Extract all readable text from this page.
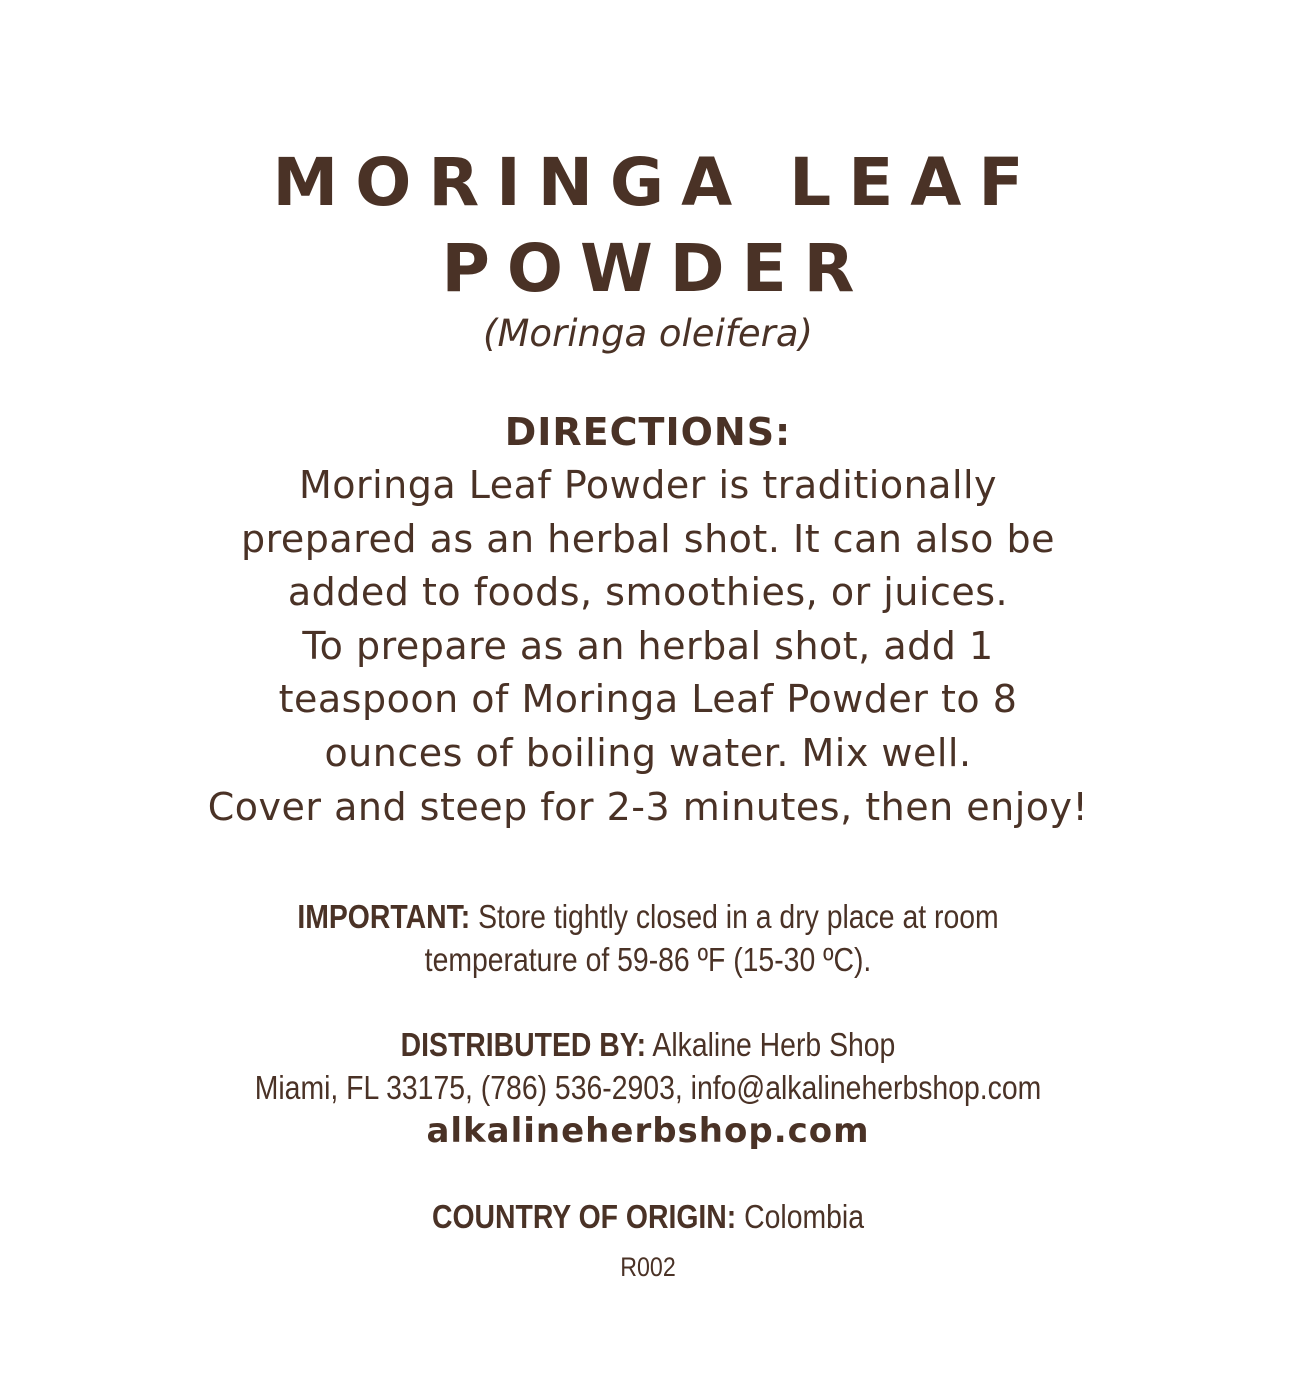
MORINGA LEAF
POWDER
(Moringa oleifera)
DIRECTIONS:
Moringa Leaf Powder is traditionally
prepared as an herbal shot. It can also be
added to foods, smoothies, or juices.
To prepare as an herbal shot, add 1
teaspoon of Moringa Leaf Powder to 8
ounces of boiling water. Mix well.
Cover and steep for 2-3 minutes, then enjoy!
IMPORTANT: Store tightly closed in a dry place at room
temperature of 59-86 ºF (15-30 ºC).
DISTRIBUTED BY: Alkaline Herb Shop
Miami, FL 33175, (786) 536-2903, info@alkalineherbshop.com
alkalineherbshop.com
COUNTRY OF ORIGIN: Colombia
R002
